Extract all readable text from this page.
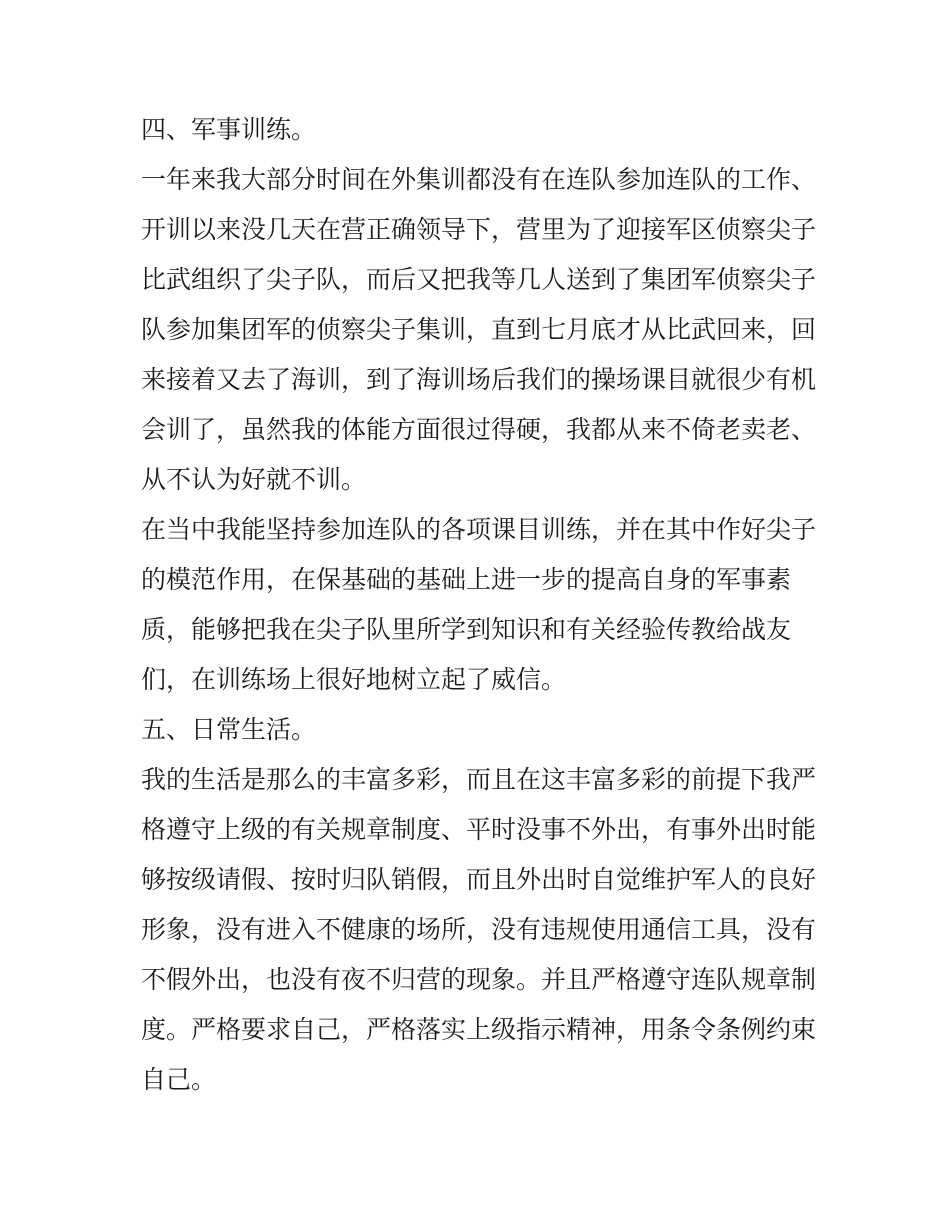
四、军事训练。
一年来我大部分时间在外集训都没有在连队参加连队的工作、
开训以来没几天在营正确领导下，营里为了迎接军区侦察尖子
比武组织了尖子队，而后又把我等几人送到了集团军侦察尖子
队参加集团军的侦察尖子集训，直到七月底才从比武回来，回
来接着又去了海训，到了海训场后我们的操场课目就很少有机
会训了，虽然我的体能方面很过得硬，我都从来不倚老卖老、
从不认为好就不训。
在当中我能坚持参加连队的各项课目训练，并在其中作好尖子
的模范作用，在保基础的基础上进一步的提高自身的军事素
质，能够把我在尖子队里所学到知识和有关经验传教给战友
们，在训练场上很好地树立起了威信。
五、日常生活。
我的生活是那么的丰富多彩，而且在这丰富多彩的前提下我严
格遵守上级的有关规章制度、平时没事不外出，有事外出时能
够按级请假、按时归队销假，而且外出时自觉维护军人的良好
形象，没有进入不健康的场所，没有违规使用通信工具，没有
不假外出，也没有夜不归营的现象。并且严格遵守连队规章制
度。严格要求自己，严格落实上级指示精神，用条令条例约束
自己。
